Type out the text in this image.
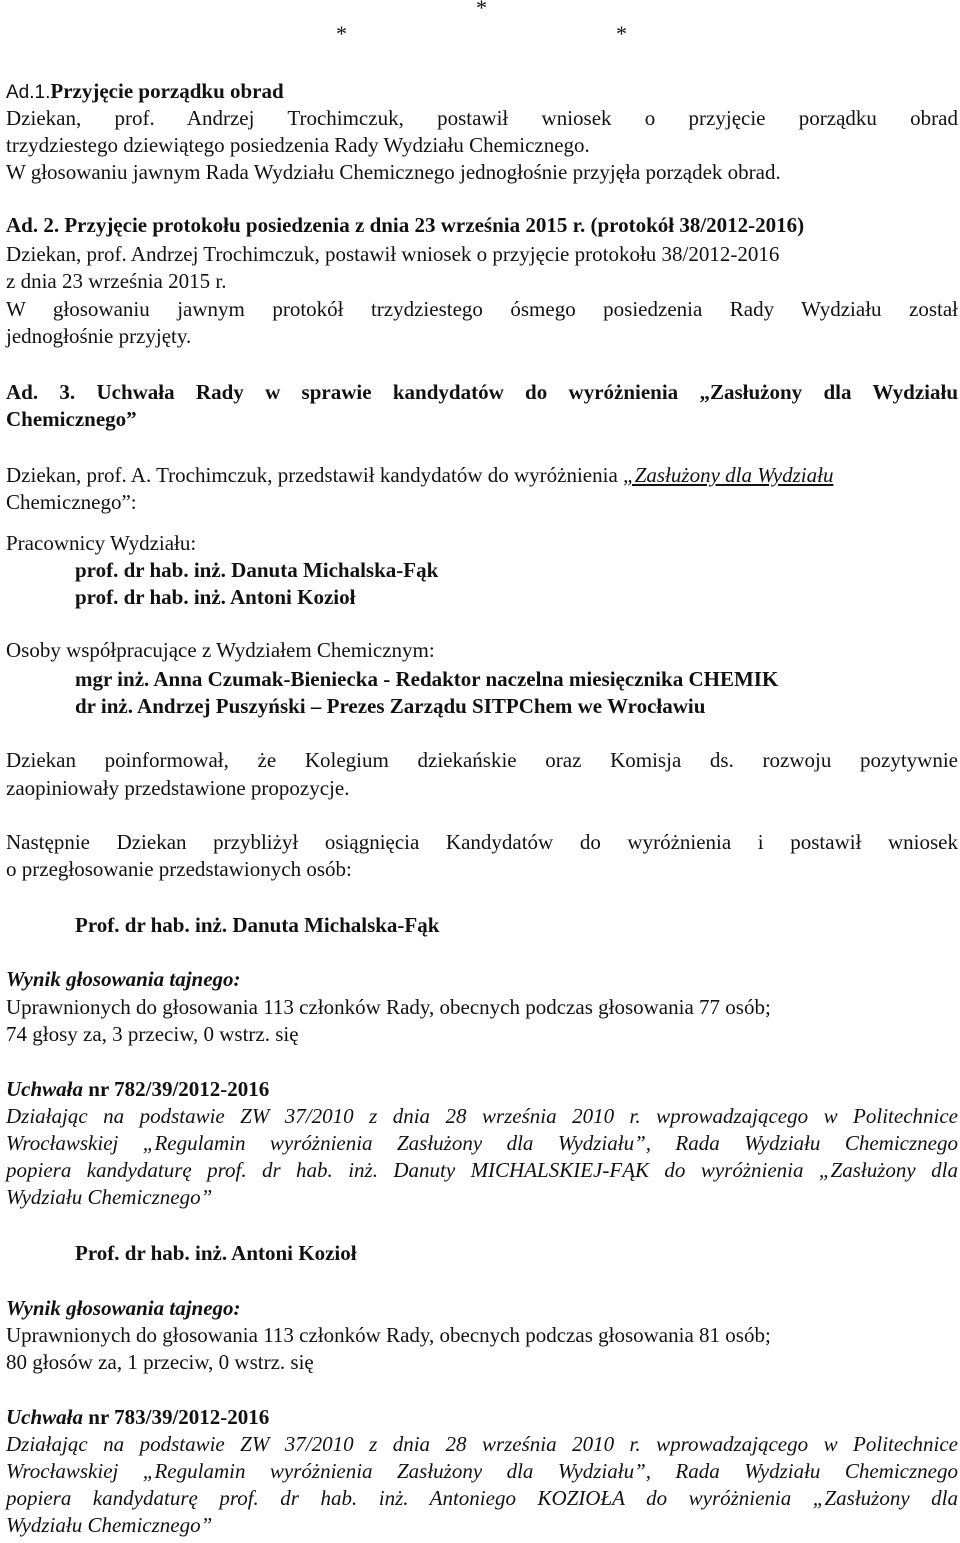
*
*	*

Ad.1.Przyjęcie porządku obrad

Dziekan, prof. Andrzej Trochimczuk, postawił wniosek o przyjęcie porządku obrad

trzydziestego dziewiątego posiedzenia Rady Wydziału Chemicznego.

W głosowaniu jawnym Rada Wydziału Chemicznego jednogłośnie przyjęła porządek obrad.

Ad. 2. Przyjęcie protokołu posiedzenia z dnia 23 września 2015 r. (protokół 38/2012-2016)

Dziekan, prof. Andrzej Trochimczuk, postawił wniosek o przyjęcie protokołu 38/2012-2016

z dnia 23 września 2015 r.

W głosowaniu jawnym protokół trzydziestego ósmego posiedzenia Rady Wydziału został

jednogłośnie przyjęty.

Ad. 3. Uchwała Rady w sprawie kandydatów do wyróżnienia „Zasłużony dla Wydziału

Chemicznego”

Dziekan, prof. A. Trochimczuk, przedstawił kandydatów do wyróżnienia „Zasłużony dla Wydziału

Chemicznego”:

Pracownicy Wydziału:

prof. dr hab. inż. Danuta Michalska-Fąk

prof. dr hab. inż. Antoni Kozioł

Osoby współpracujące z Wydziałem Chemicznym:

mgr inż. Anna Czumak-Bieniecka - Redaktor naczelna miesięcznika CHEMIK

dr inż. Andrzej Puszyński – Prezes Zarządu SITPChem we Wrocławiu

Dziekan poinformował, że Kolegium dziekańskie oraz Komisja ds. rozwoju pozytywnie

zaopiniowały przedstawione propozycje.

Następnie Dziekan przybliżył osiągnięcia Kandydatów do wyróżnienia i postawił wniosek

o przegłosowanie przedstawionych osób:

Prof. dr hab. inż. Danuta Michalska-Fąk

Wynik głosowania tajnego:

Uprawnionych do głosowania 113 członków Rady, obecnych podczas głosowania 77 osób;

74 głosy za, 3 przeciw, 0 wstrz. się

Uchwała nr 782/39/2012-2016

Działając na podstawie ZW 37/2010 z dnia 28 września 2010 r. wprowadzającego w Politechnice

Wrocławskiej „Regulamin wyróżnienia Zasłużony dla Wydziału”, Rada Wydziału Chemicznego

popiera kandydaturę prof. dr hab. inż. Danuty MICHALSKIEJ-FĄK do wyróżnienia „Zasłużony dla

Wydziału Chemicznego”

Prof. dr hab. inż. Antoni Kozioł

Wynik głosowania tajnego:

Uprawnionych do głosowania 113 członków Rady, obecnych podczas głosowania 81 osób;

80 głosów za, 1 przeciw, 0 wstrz. się

Uchwała nr 783/39/2012-2016

Działając na podstawie ZW 37/2010 z dnia 28 września 2010 r. wprowadzającego w Politechnice

Wrocławskiej „Regulamin wyróżnienia Zasłużony dla Wydziału”, Rada Wydziału Chemicznego

popiera kandydaturę prof. dr hab. inż. Antoniego KOZIOŁA do wyróżnienia „Zasłużony dla

Wydziału Chemicznego”
